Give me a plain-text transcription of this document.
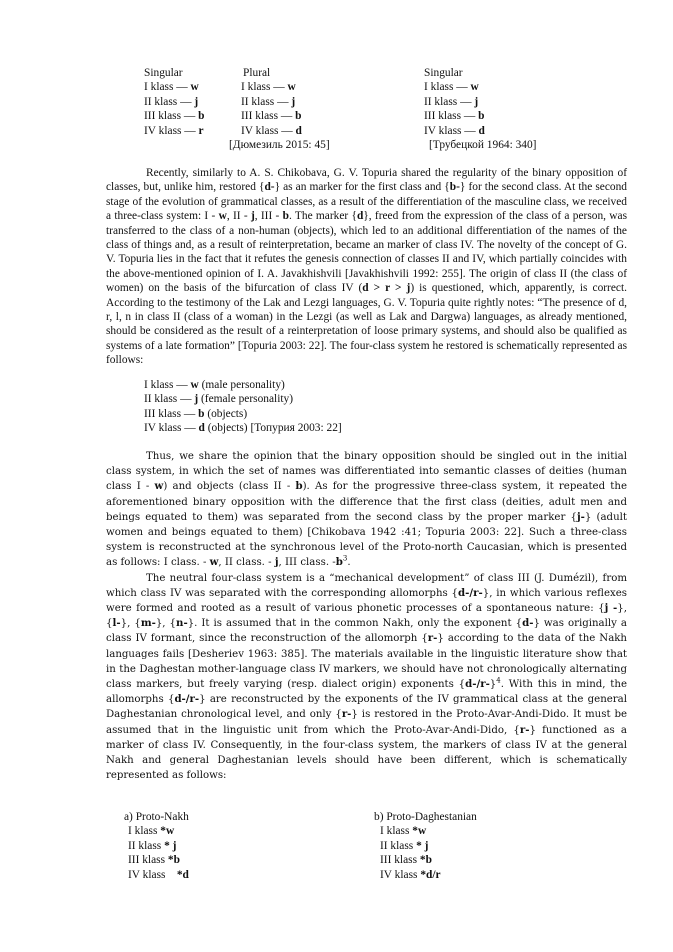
Singular
I klass — w
II klass — j
III klass — b
IV klass — r
Plural
I klass — w
II klass — j
III klass — b
IV klass — d
[Дюмезиль 2015: 45]
Singular
I klass — w
II klass — j
III klass — b
IV klass — d
[Трубецкой 1964: 340]

Recently, similarly to A. S. Chikobava, G. V. Topuria shared the regularity of the binary opposition of classes, but, unlike him, restored {d-} as an marker for the first class and {b-} for the second class. At the second stage of the evolution of grammatical classes, as a result of the differentiation of the masculine class, we received a three-class system: I - w, II - j, III - b. The marker {d}, freed from the expression of the class of a person, was transferred to the class of a non-human (objects), which led to an additional differentiation of the names of the class of things and, as a result of reinterpretation, became an marker of class IV. The novelty of the concept of G. V. Topuria lies in the fact that it refutes the genesis connection of classes II and IV, which partially coincides with the above-mentioned opinion of I. A. Javakhishvili [Javakhishvili 1992: 255]. The origin of class II (the class of women) on the basis of the bifurcation of class IV (d > r > j) is questioned, which, apparently, is correct. According to the testimony of the Lak and Lezgi languages, G. V. Topuria quite rightly notes: “The presence of d, r, l, n in class II (class of a woman) in the Lezgi (as well as Lak and Dargwa) languages, as already mentioned, should be considered as the result of a reinterpretation of loose primary systems, and should also be qualified as systems of a late formation” [Topuria 2003: 22]. The four-class system he restored is schematically represented as follows:

I klass — w (male personality)
II klass — j (female personality)
III klass — b (objects)
IV klass — d (objects) [Топурия 2003: 22]

Thus, we share the opinion that the binary opposition should be singled out in the initial class system, in which the set of names was differentiated into semantic classes of deities (human class I - w) and objects (class II - b). As for the progressive three-class system, it repeated the aforementioned binary opposition with the difference that the first class (deities, adult men and beings equated to them) was separated from the second class by the proper marker {j-} (adult women and beings equated to them) [Chikobava 1942 :41; Topuria 2003: 22]. Such a three-class system is reconstructed at the synchronous level of the Proto-north Caucasian, which is presented as follows: I class. - w, II class. - j, III class. $-b^3$.

The neutral four-class system is a “mechanical development” of class III (J. Dumézil), from which class IV was separated with the corresponding allomorphs {d-/r-}, in which various reflexes were formed and rooted as a result of various phonetic processes of a spontaneous nature: {j -}, {l-}, {m-}, {n-}. It is assumed that in the common Nakh, only the exponent {d-} was originally a class IV formant, since the reconstruction of the allomorph {r-} according to the data of the Nakh languages fails [Desheriev 1963: 385]. The materials available in the linguistic literature show that in the Daghestan mother-language class IV markers, we should have not chronologically alternating class markers, but freely varying (resp. dialect origin) exponents $\{d-/r-\}^4$. With this in mind, the allomorphs {d-/r-} are reconstructed by the exponents of the IV grammatical class at the general Daghestanian chronological level, and only {r-} is restored in the Proto-Avar-Andi-Dido. It must be assumed that in the linguistic unit from which the Proto-Avar-Andi-Dido, {r-} functioned as a marker of class IV. Consequently, in the four-class system, the markers of class IV at the general Nakh and general Daghestanian levels should have been different, which is schematically represented as follows:

a) Proto-Nakh
I klass *w
II klass * j
III klass *b
IV klass *d
b) Proto-Daghestanian
I klass *w
II klass * j
III klass *b
IV klass *d/r
